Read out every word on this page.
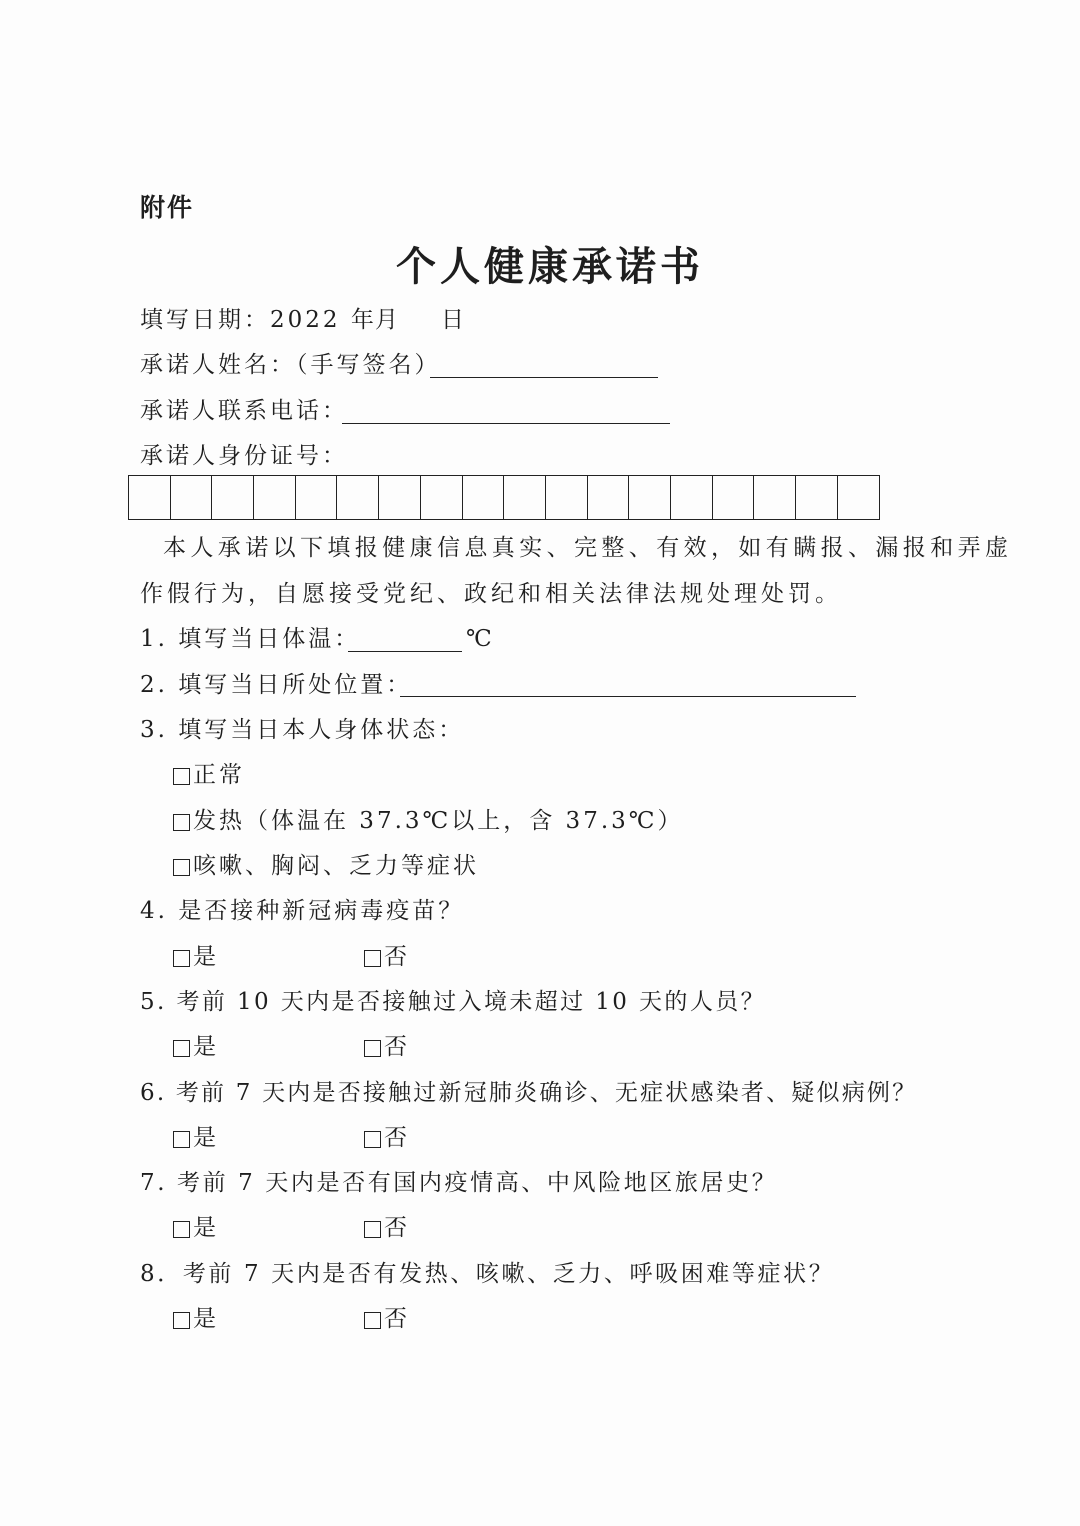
附件
个人健康承诺书
填写日期：2022 年
月 日
承诺人姓名：（手写签名）
承诺人联系电话：
承诺人身份证号：
本人承诺以下填报健康信息真实、完整、有效，如有瞒报、漏报和弄虚
作假行为，自愿接受党纪、政纪和相关法律法规处理处罚。
1. 填写当日体温：	℃
2. 填写当日所处位置：
3. 填写当日本人身体状态：
正常
发热（体温在 37.3℃以上，含 37.3℃）
咳嗽、胸闷、乏力等症状
4. 是否接种新冠病毒疫苗？
是	否
5. 考前 10 天内是否接触过入境未超过 10 天的人员？
是	否
6. 考前 7 天内是否接触过新冠肺炎确诊、无症状感染者、疑似病例？
是	否
7. 考前 7 天内是否有国内疫情高、中风险地区旅居史？
是	否
8．考前 7 天内是否有发热、咳嗽、乏力、呼吸困难等症状？
是	否
